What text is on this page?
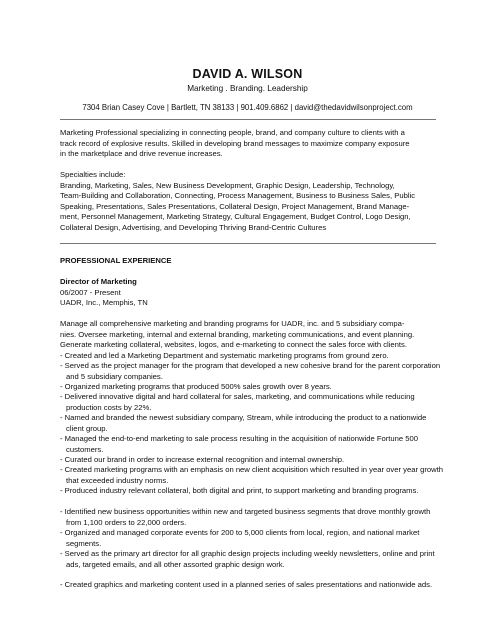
DAVID A. WILSON
Marketing . Branding. Leadership
7304 Brian Casey Cove | Bartlett, TN 38133 | 901.409.6862 | david@thedavidwilsonproject.com
Marketing Professional specializing in connecting people, brand, and company culture to clients with a
track record of explosive results. Skilled in developing brand messages to maximize company exposure
in the marketplace and drive revenue increases.
Specialties include:
Branding, Marketing, Sales, New Business Development, Graphic Design, Leadership, Technology,
Team-Building and Collaboration, Connecting, Process Management, Business to Business Sales, Public
Speaking, Presentations, Sales Presentations, Collateral Design, Project Management, Brand Manage-
ment, Personnel Management, Marketing Strategy, Cultural Engagement, Budget Control, Logo Design,
Collateral Design, Advertising, and Developing Thriving Brand-Centric Cultures
PROFESSIONAL EXPERIENCE
Director of Marketing
06/2007 - Present
UADR, Inc., Memphis, TN
Manage all comprehensive marketing and branding programs for UADR, inc. and 5 subsidiary compa-
nies. Oversee marketing, internal and external branding, marketing communications, and event planning.
Generate marketing collateral, websites, logos, and e-marketing to connect the sales force with clients.
- Created and led a Marketing Department and systematic marketing programs from ground zero.
- Served as the project manager for the program that developed a new cohesive brand for the parent corporation and 5 subsidiary companies.
- Organized marketing programs that produced 500% sales growth over 8 years.
- Delivered innovative digital and hard collateral for sales, marketing, and communications while reducing production costs by 22%.
- Named and branded the newest subsidiary company, Stream, while introducing the product to a nationwide client group.
- Managed the end-to-end marketing to sale process resulting in the acquisition of nationwide Fortune 500 customers.
- Curated our brand in order to increase external recognition and internal ownership.
- Created marketing programs with an emphasis on new client acquisition which resulted in year over year growth that exceeded industry norms.
- Produced industry relevant collateral, both digital and print, to support marketing and branding programs.
- Identified new business opportunities within new and targeted business segments that drove monthly growth from 1,100 orders to 22,000 orders.
- Organized and managed corporate events for 200 to 5,000 clients from local, region, and national market segments.
- Served as the primary art director for all graphic design projects including weekly newsletters, online and print ads, targeted emails, and all other assorted graphic design work.
- Created graphics and marketing content used in a planned series of sales presentations and nationwide ads.
